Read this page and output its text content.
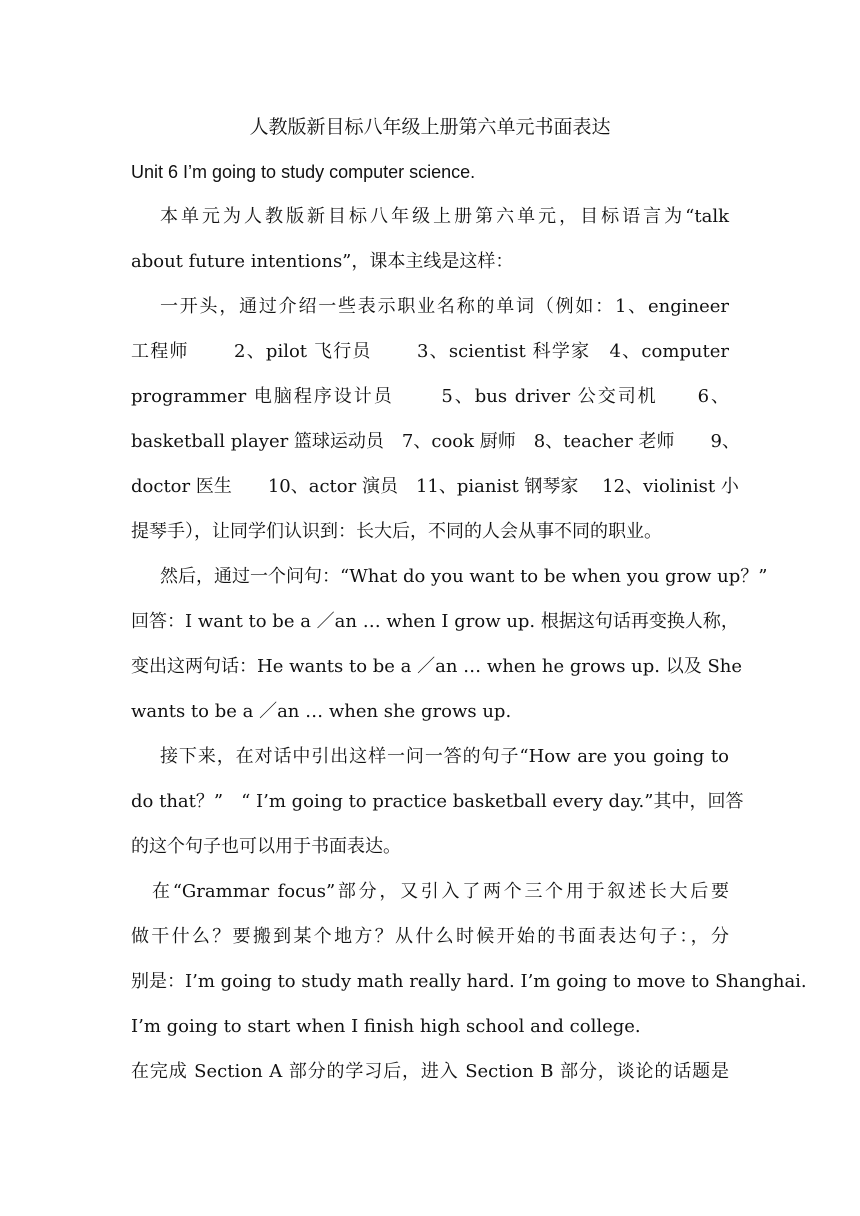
人教版新目标八年级上册第六单元书面表达
Unit 6 I’m going to study computer science.
本单元为人教版新目标八年级上册第六单元，目标语言为“talk
about future intentions”，课本主线是这样：
一开头，通过介绍一些表示职业名称的单词（例如：1、engineer
工程师　　 2、pilot 飞行员　　 3、scientist 科学家　4、computer
programmer 电脑程序设计员　　 5、bus driver 公交司机　　6、
basketball player 篮球运动员　7、cook 厨师　8、teacher 老师　　9、
doctor 医生　　10、actor 演员　11、pianist 钢琴家　 12、violinist 小
提琴手），让同学们认识到：长大后，不同的人会从事不同的职业。
然后，通过一个问句：“What do you want to be when you grow up？”
回答：I want to be a ／an … when I grow up. 根据这句话再变换人称，
变出这两句话：He wants to be a ／an … when he grows up. 以及 She
wants to be a ／an … when she grows up.
接下来，在对话中引出这样一问一答的句子“How are you going to
do that？”　“ I’m going to practice basketball every day.”其中，回答
的这个句子也可以用于书面表达。
在“Grammar focus”部分，又引入了两个三个用于叙述长大后要
做干什么？要搬到某个地方？从什么时候开始的书面表达句子：，分
别是：I’m going to study math really hard. I’m going to move to Shanghai.
I’m going to start when I finish high school and college.
在完成 Section A 部分的学习后，进入 Section B 部分，谈论的话题是
